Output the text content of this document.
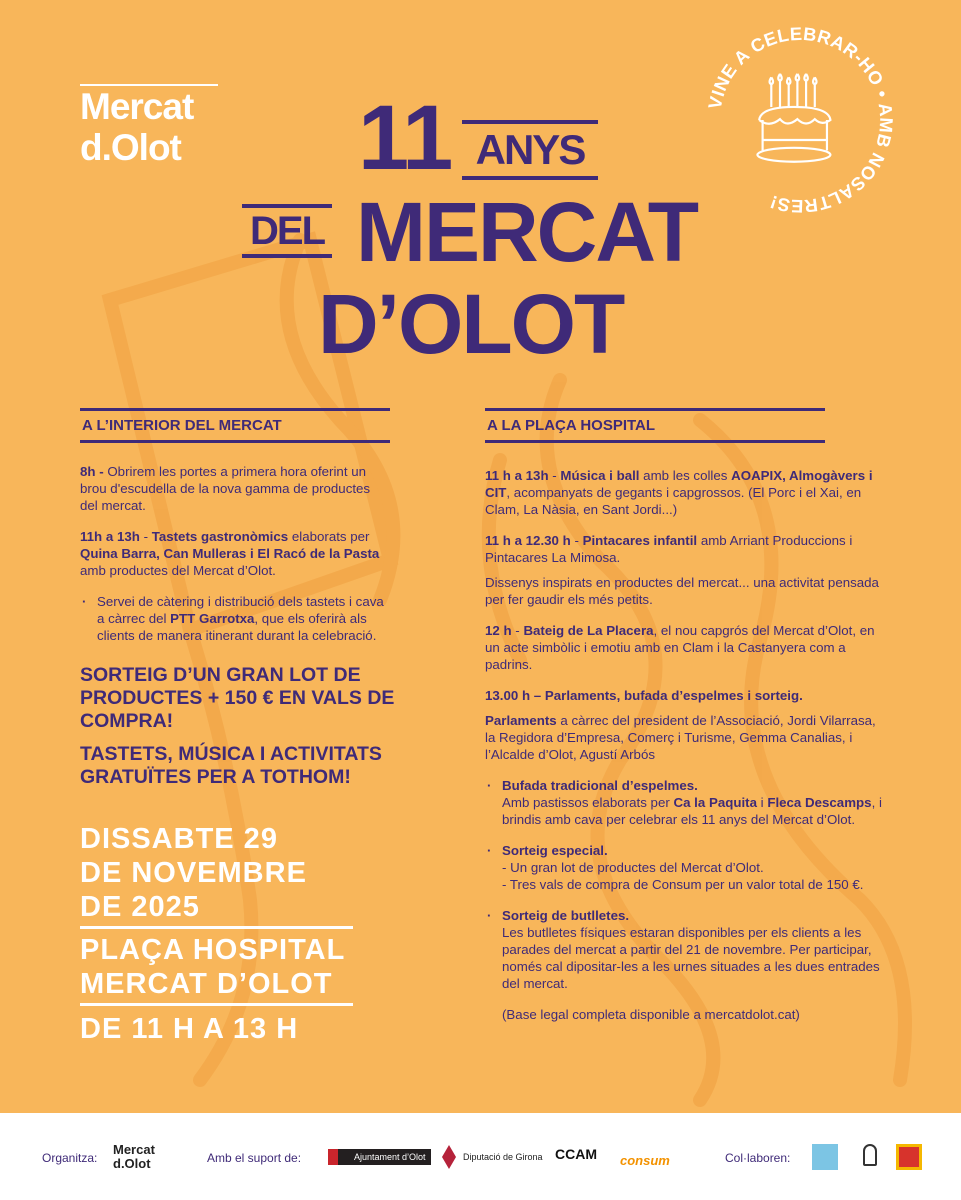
Mercat
d.Olot	11 ANYS
DEL MERCAT
D’OLOT
VINE A CELEBRAR-HO • AMB NOSALTRES!
A L’INTERIOR DEL MERCAT

8h - Obrirem les portes a primera hora oferint un brou d'escudella de la nova gamma de productes del mercat.

11h a 13h - Tastets gastronòmics elaborats per Quina Barra, Can Mulleras i El Racó de la Pasta amb productes del Mercat d’Olot.

· Servei de càtering i distribució dels tastets i cava a càrrec del PTT Garrotxa, que els oferirà als clients de manera itinerant durant la celebració.

SORTEIG D’UN GRAN LOT DE PRODUCTES + 150 € EN VALS DE COMPRA!
TASTETS, MÚSICA I ACTIVITATS GRATUÏTES PER A TOTHOM!
DISSABTE 29
DE NOVEMBRE
DE 2025
PLAÇA HOSPITAL
MERCAT D’OLOT
DE 11 H A 13 H
A LA PLAÇA HOSPITAL

11 h a 13h - Música i ball amb les colles AOAPIX, Almogàvers i CIT, acompanyats de gegants i capgrossos. (El Porc i el Xai, en Clam, La Nàsia, en Sant Jordi...)

11 h a 12.30 h - Pintacares infantil amb Arriant Produccions i Pintacares La Mimosa.

Dissenys inspirats en productes del mercat... una activitat pensada per fer gaudir els més petits.

12 h - Bateig de La Placera, el nou capgrós del Mercat d’Olot, en un acte simbòlic i emotiu amb en Clam i la Castanyera com a padrins.

13.00 h – Parlaments, bufada d’espelmes i sorteig.

Parlaments a càrrec del president de l’Associació, Jordi Vilarrasa, la Regidora d’Empresa, Comerç i Turisme, Gemma Canalias, i l’Alcalde d’Olot, Agustí Arbós

· Bufada tradicional d’espelmes.
Amb pastissos elaborats per Ca la Paquita i Fleca Descamps, i brindis amb cava per celebrar els 11 anys del Mercat d’Olot.

· Sorteig especial.
- Un gran lot de productes del Mercat d’Olot.
- Tres vals de compra de Consum per un valor total de 150 €.

· Sorteig de butlletes.
Les butlletes físiques estaran disponibles per els clients a les parades del mercat a partir del 21 de novembre. Per participar, només cal dipositar-les a les urnes situades a les dues entrades del mercat.

(Base legal completa disponible a mercatdolot.cat)

Organitza:
Mercat
d.Olot	Amb el suport de:	Ajuntament d’Olot	Diputació de Girona CCAM consum	Col·laboren:
